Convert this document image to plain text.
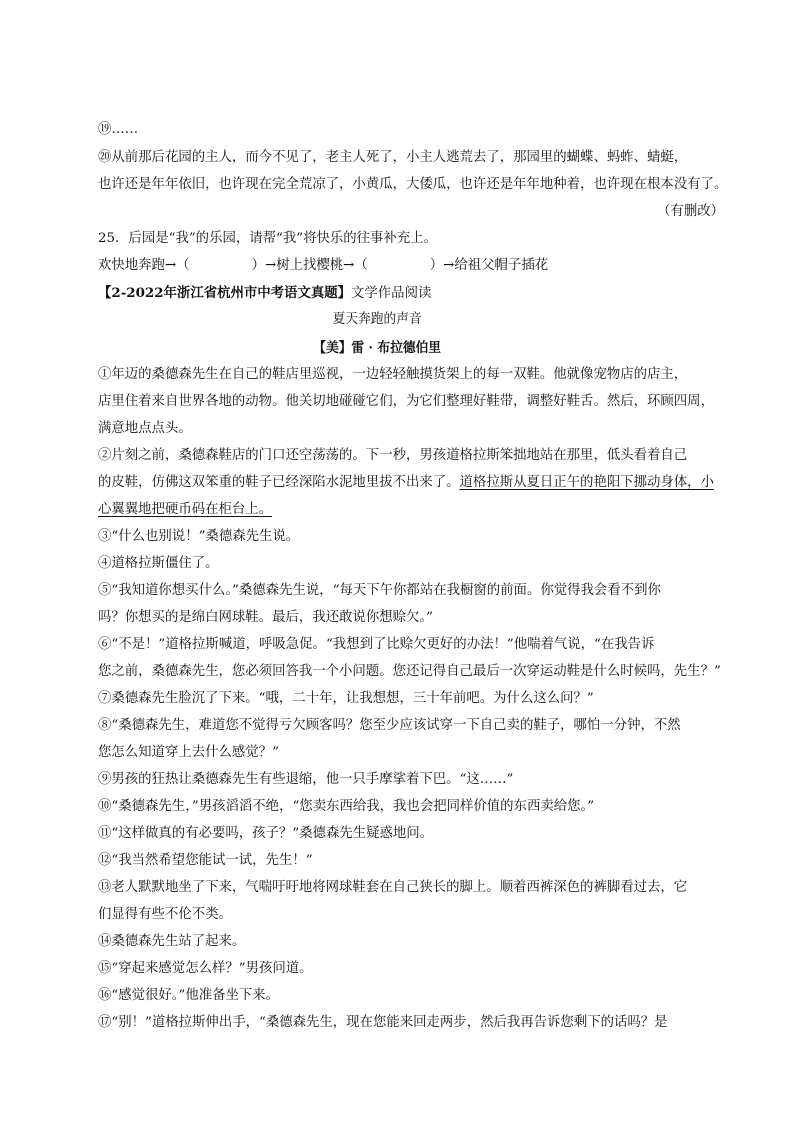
⑲……
⑳从前那后花园的主人，而今不见了，老主人死了，小主人逃荒去了，那园里的蝴蝶、蚂蚱、蜻蜓，
也许还是年年依旧，也许现在完全荒凉了，小黄瓜，大倭瓜，也许还是年年地种着，也许现在根本没有了。
（有删改）
25．后园是“我”的乐园，请帮“我”将快乐的往事补充上。
欢快地奔跑→（	）→树上找樱桃→（	）→给祖父帽子插花
【2-2022年浙江省杭州市中考语文真题】文学作品阅读
夏天奔跑的声音
【美】雷 · 布拉德伯里
①年迈的桑德森先生在自己的鞋店里巡视，一边轻轻触摸货架上的每一双鞋。他就像宠物店的店主，
店里住着来自世界各地的动物。他关切地碰碰它们，为它们整理好鞋带，调整好鞋舌。然后，环顾四周，
满意地点点头。
②片刻之前，桑德森鞋店的门口还空荡荡的。下一秒，男孩道格拉斯笨拙地站在那里，低头看着自己
的皮鞋，仿佛这双笨重的鞋子已经深陷水泥地里拔不出来了。道格拉斯从夏日正午的艳阳下挪动身体，小
心翼翼地把硬币码在柜台上。
③“什么也别说！”桑德森先生说。
④道格拉斯僵住了。
⑤“我知道你想买什么。”桑德森先生说，“每天下午你都站在我橱窗的前面。你觉得我会看不到你
吗？你想买的是绵白网球鞋。最后，我还敢说你想赊欠。”
⑥“不是！”道格拉斯喊道，呼吸急促。“我想到了比赊欠更好的办法！”他喘着气说，“在我告诉
您之前，桑德森先生，您必须回答我一个小问题。您还记得自己最后一次穿运动鞋是什么时候吗，先生？”
⑦桑德森先生脸沉了下来。“哦，二十年，让我想想，三十年前吧。为什么这么问？”
⑧“桑德森先生，难道您不觉得亏欠顾客吗？您至少应该试穿一下自己卖的鞋子，哪怕一分钟，不然
您怎么知道穿上去什么感觉？”
⑨男孩的狂热让桑德森先生有些退缩，他一只手摩挲着下巴。“这……”
⑩“桑德森先生，”男孩滔滔不绝，“您卖东西给我，我也会把同样价值的东西卖给您。”
⑪“这样做真的有必要吗，孩子？”桑德森先生疑惑地问。
⑫“我当然希望您能试一试，先生！”
⑬老人默默地坐了下来，气喘吁吁地将网球鞋套在自己狭长的脚上。顺着西裤深色的裤脚看过去，它
们显得有些不伦不类。
⑭桑德森先生站了起来。
⑮“穿起来感觉怎么样？”男孩问道。
⑯“感觉很好。”他准备坐下来。
⑰“别！”道格拉斯伸出手，“桑德森先生，现在您能来回走两步，然后我再告诉您剩下的话吗？是
